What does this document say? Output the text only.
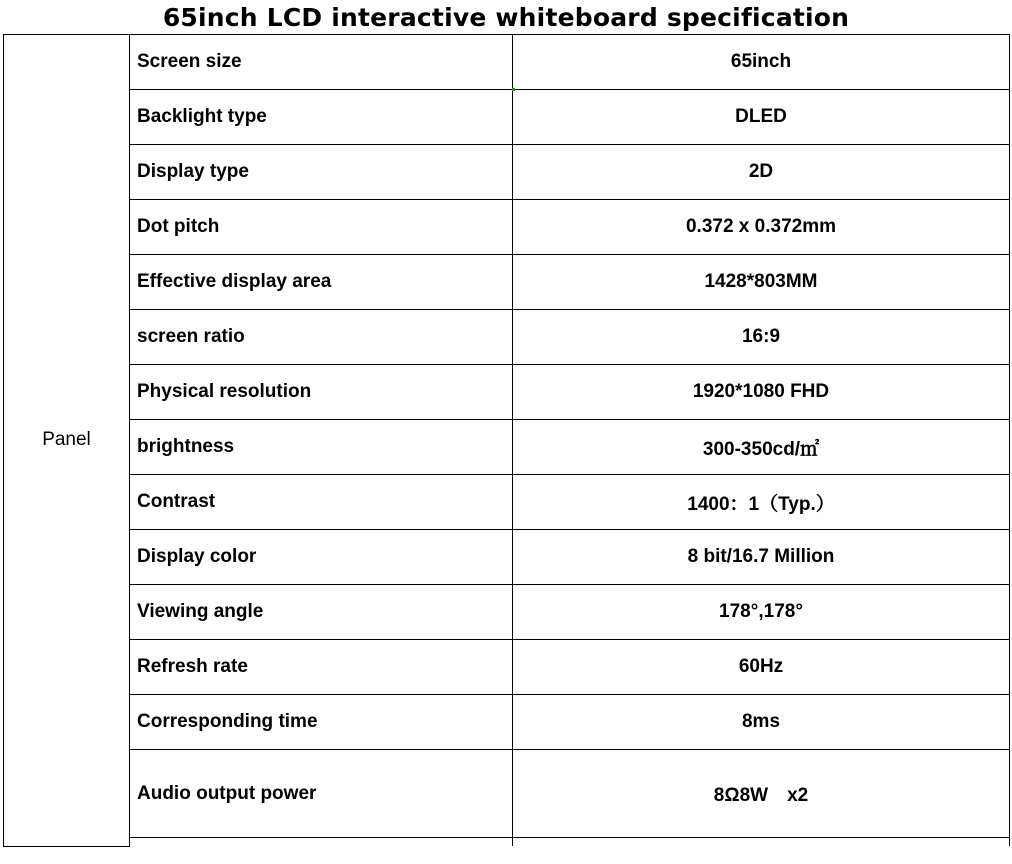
65inch LCD interactive whiteboard specification
Panel	Screen size	65inch
	Backlight type	DLED
	Display type	2D
	Dot pitch	0.372 x 0.372mm
	Effective display area	1428*803MM
	screen ratio	16:9
	Physical resolution	1920*1080 FHD
	brightness	300-350cd/㎡
	Contrast	1400：1（Typ.）
	Display color	8 bit/16.7 Million
	Viewing angle	178°,178°
	Refresh rate	60Hz
	Corresponding time	8ms
	Audio output power	8Ω8W　x2
